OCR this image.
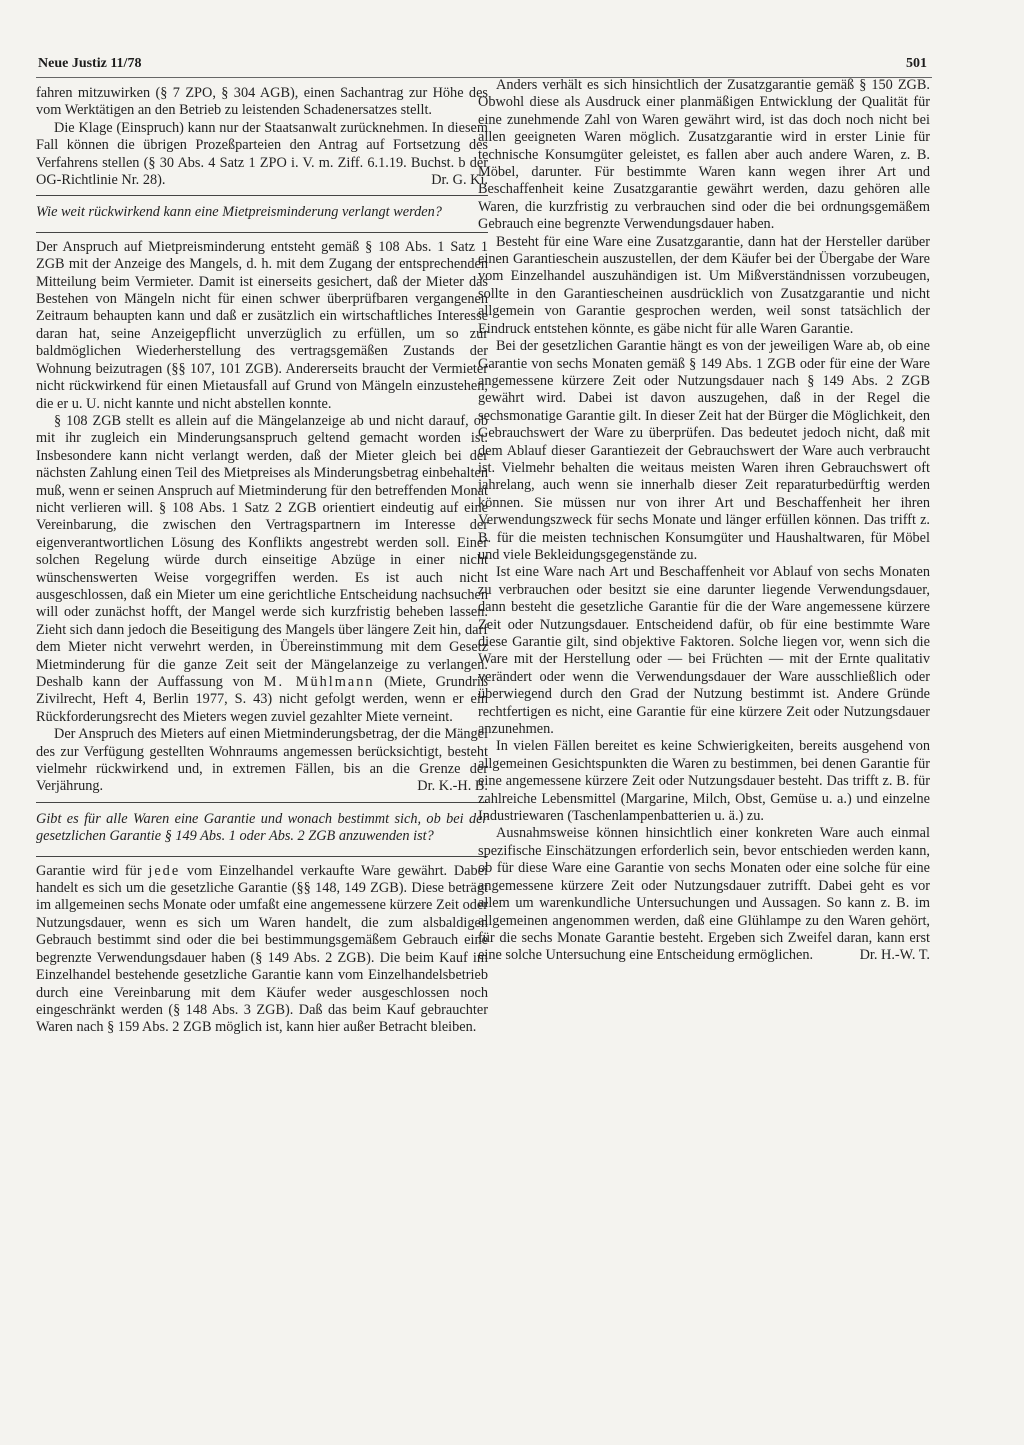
Neue Justiz 11/78	501

fahren mitzuwirken (§ 7 ZPO, § 304 AGB), einen Sachantrag zur Höhe des vom Werktätigen an den Betrieb zu leistenden Schadenersatzes stellt.

Die Klage (Einspruch) kann nur der Staatsanwalt zurücknehmen. In diesem Fall können die übrigen Prozeßparteien den Antrag auf Fortsetzung des Verfahrens stellen (§ 30 Abs. 4 Satz 1 ZPO i. V. m. Ziff. 6.1.19. Buchst. b der OG-Richtlinie Nr. 28).	Dr. G. Ki.

Wie weit rückwirkend kann eine Mietpreisminderung verlangt werden?

Der Anspruch auf Mietpreisminderung entsteht gemäß § 108 Abs. 1 Satz 1 ZGB mit der Anzeige des Mangels, d. h. mit dem Zugang der entsprechenden Mitteilung beim Vermieter. Damit ist einerseits gesichert, daß der Mieter das Bestehen von Mängeln nicht für einen schwer überprüfbaren vergangenen Zeitraum behaupten kann und daß er zusätzlich ein wirtschaftliches Interesse daran hat, seine Anzeigepflicht unverzüglich zu erfüllen, um so zur baldmöglichen Wiederherstellung des vertragsgemäßen Zustands der Wohnung beizutragen (§§ 107, 101 ZGB). Andererseits braucht der Vermieter nicht rückwirkend für einen Mietausfall auf Grund von Mängeln einzustehen, die er u. U. nicht kannte und nicht abstellen konnte.

§ 108 ZGB stellt es allein auf die Mängelanzeige ab und nicht darauf, ob mit ihr zugleich ein Minderungsanspruch geltend gemacht worden ist. Insbesondere kann nicht verlangt werden, daß der Mieter gleich bei der nächsten Zahlung einen Teil des Mietpreises als Minderungsbetrag einbehalten muß, wenn er seinen Anspruch auf Mietminderung für den betreffenden Monat nicht verlieren will. § 108 Abs. 1 Satz 2 ZGB orientiert eindeutig auf eine Vereinbarung, die zwischen den Vertragspartnern im Interesse der eigenverantwortlichen Lösung des Konflikts angestrebt werden soll. Einer solchen Regelung würde durch einseitige Abzüge in einer nicht wünschenswerten Weise vorgegriffen werden. Es ist auch nicht ausgeschlossen, daß ein Mieter um eine gerichtliche Entscheidung nachsuchen will oder zunächst hofft, der Mangel werde sich kurzfristig beheben lassen. Zieht sich dann jedoch die Beseitigung des Mangels über längere Zeit hin, darf dem Mieter nicht verwehrt werden, in Übereinstimmung mit dem Gesetz Mietminderung für die ganze Zeit seit der Mängelanzeige zu verlangen. Deshalb kann der Auffassung von M. Mühlmann (Miete, Grundriß Zivilrecht, Heft 4, Berlin 1977, S. 43) nicht gefolgt werden, wenn er ein Rückforderungsrecht des Mieters wegen zuviel gezahlter Miete verneint.

Der Anspruch des Mieters auf einen Mietminderungsbetrag, der die Mängel des zur Verfügung gestellten Wohnraums angemessen berücksichtigt, besteht vielmehr rückwirkend und, in extremen Fällen, bis an die Grenze der Verjährung.	Dr. K.-H. B.

Gibt es für alle Waren eine Garantie und wonach bestimmt sich, ob bei der gesetzlichen Garantie § 149 Abs. 1 oder Abs. 2 ZGB anzuwenden ist?

Garantie wird für jede vom Einzelhandel verkaufte Ware gewährt. Dabei handelt es sich um die gesetzliche Garantie (§§ 148, 149 ZGB). Diese beträgt im allgemeinen sechs Monate oder umfaßt eine angemessene kürzere Zeit oder Nutzungsdauer, wenn es sich um Waren handelt, die zum alsbaldigen Gebrauch bestimmt sind oder die bei bestimmungsgemäßem Gebrauch eine begrenzte Verwendungsdauer haben (§ 149 Abs. 2 ZGB). Die beim Kauf im Einzelhandel bestehende gesetzliche Garantie kann vom Einzelhandelsbetrieb durch eine Vereinbarung mit dem Käufer weder ausgeschlossen noch eingeschränkt werden (§ 148 Abs. 3 ZGB). Daß das beim Kauf gebrauchter Waren nach § 159 Abs. 2 ZGB möglich ist, kann hier außer Betracht bleiben.

Anders verhält es sich hinsichtlich der Zusatzgarantie gemäß § 150 ZGB. Obwohl diese als Ausdruck einer planmäßigen Entwicklung der Qualität für eine zunehmende Zahl von Waren gewährt wird, ist das doch noch nicht bei allen geeigneten Waren möglich. Zusatzgarantie wird in erster Linie für technische Konsumgüter geleistet, es fallen aber auch andere Waren, z. B. Möbel, darunter. Für bestimmte Waren kann wegen ihrer Art und Beschaffenheit keine Zusatzgarantie gewährt werden, dazu gehören alle Waren, die kurzfristig zu verbrauchen sind oder die bei ordnungsgemäßem Gebrauch eine begrenzte Verwendungsdauer haben.

Besteht für eine Ware eine Zusatzgarantie, dann hat der Hersteller darüber einen Garantieschein auszustellen, der dem Käufer bei der Übergabe der Ware vom Einzelhandel auszuhändigen ist. Um Mißverständnissen vorzubeugen, sollte in den Garantiescheinen ausdrücklich von Zusatzgarantie und nicht allgemein von Garantie gesprochen werden, weil sonst tatsächlich der Eindruck entstehen könnte, es gäbe nicht für alle Waren Garantie.

Bei der gesetzlichen Garantie hängt es von der jeweiligen Ware ab, ob eine Garantie von sechs Monaten gemäß § 149 Abs. 1 ZGB oder für eine der Ware angemessene kürzere Zeit oder Nutzungsdauer nach § 149 Abs. 2 ZGB gewährt wird. Dabei ist davon auszugehen, daß in der Regel die sechsmonatige Garantie gilt. In dieser Zeit hat der Bürger die Möglichkeit, den Gebrauchswert der Ware zu überprüfen. Das bedeutet jedoch nicht, daß mit dem Ablauf dieser Garantiezeit der Gebrauchswert der Ware auch verbraucht ist. Vielmehr behalten die weitaus meisten Waren ihren Gebrauchswert oft jahrelang, auch wenn sie innerhalb dieser Zeit reparaturbedürftig werden können. Sie müssen nur von ihrer Art und Beschaffenheit her ihren Verwendungszweck für sechs Monate und länger erfüllen können. Das trifft z. B. für die meisten technischen Konsumgüter und Haushaltwaren, für Möbel und viele Bekleidungsgegenstände zu.

Ist eine Ware nach Art und Beschaffenheit vor Ablauf von sechs Monaten zu verbrauchen oder besitzt sie eine darunter liegende Verwendungsdauer, dann besteht die gesetzliche Garantie für die der Ware angemessene kürzere Zeit oder Nutzungsdauer. Entscheidend dafür, ob für eine bestimmte Ware diese Garantie gilt, sind objektive Faktoren. Solche liegen vor, wenn sich die Ware mit der Herstellung oder — bei Früchten — mit der Ernte qualitativ verändert oder wenn die Verwendungsdauer der Ware ausschließlich oder überwiegend durch den Grad der Nutzung bestimmt ist. Andere Gründe rechtfertigen es nicht, eine Garantie für eine kürzere Zeit oder Nutzungsdauer anzunehmen.

In vielen Fällen bereitet es keine Schwierigkeiten, bereits ausgehend von allgemeinen Gesichtspunkten die Waren zu bestimmen, bei denen Garantie für eine angemessene kürzere Zeit oder Nutzungsdauer besteht. Das trifft z. B. für zahlreiche Lebensmittel (Margarine, Milch, Obst, Gemüse u. a.) und einzelne Industriewaren (Taschenlampenbatterien u. ä.) zu.

Ausnahmsweise können hinsichtlich einer konkreten Ware auch einmal spezifische Einschätzungen erforderlich sein, bevor entschieden werden kann, ob für diese Ware eine Garantie von sechs Monaten oder eine solche für eine angemessene kürzere Zeit oder Nutzungsdauer zutrifft. Dabei geht es vor allem um warenkundliche Untersuchungen und Aussagen. So kann z. B. im allgemeinen angenommen werden, daß eine Glühlampe zu den Waren gehört, für die sechs Monate Garantie besteht. Ergeben sich Zweifel daran, kann erst eine solche Untersuchung eine Entscheidung ermöglichen.	Dr. H.-W. T.
